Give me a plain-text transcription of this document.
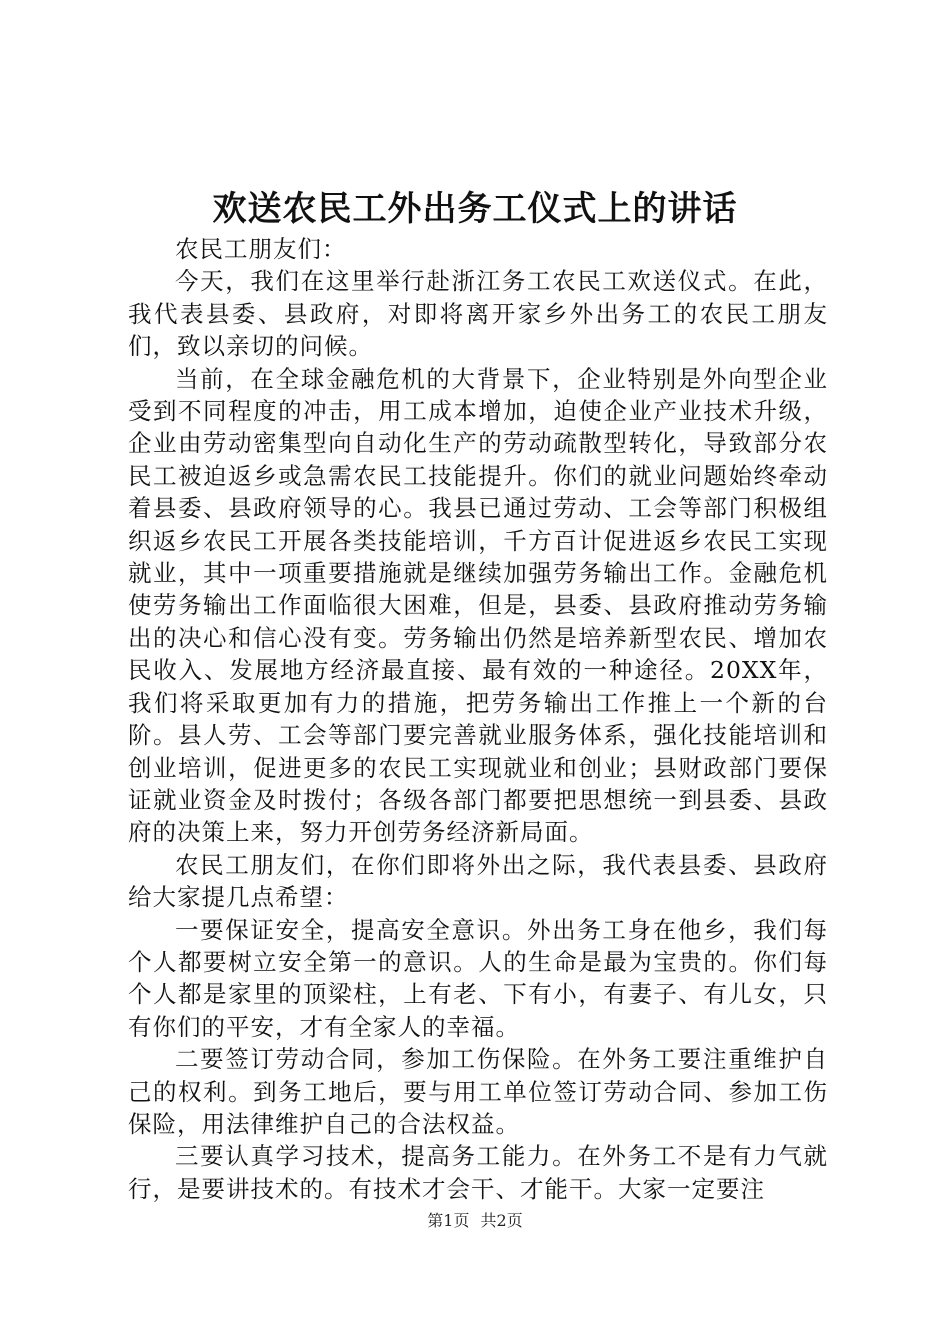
欢送农民工外出务工仪式上的讲话

农民工朋友们：

今天，我们在这里举行赴浙江务工农民工欢送仪式。在此，我代表县委、县政府，对即将离开家乡外出务工的农民工朋友们，致以亲切的问候。

当前，在全球金融危机的大背景下，企业特别是外向型企业受到不同程度的冲击，用工成本增加，迫使企业产业技术升级，企业由劳动密集型向自动化生产的劳动疏散型转化，导致部分农民工被迫返乡或急需农民工技能提升。你们的就业问题始终牵动着县委、县政府领导的心。我县已通过劳动、工会等部门积极组织返乡农民工开展各类技能培训，千方百计促进返乡农民工实现就业，其中一项重要措施就是继续加强劳务输出工作。金融危机使劳务输出工作面临很大困难，但是，县委、县政府推动劳务输出的决心和信心没有变。劳务输出仍然是培养新型农民、增加农民收入、发展地方经济最直接、最有效的一种途径。20XX年，我们将采取更加有力的措施，把劳务输出工作推上一个新的台阶。县人劳、工会等部门要完善就业服务体系，强化技能培训和创业培训，促进更多的农民工实现就业和创业；县财政部门要保证就业资金及时拨付；各级各部门都要把思想统一到县委、县政府的决策上来，努力开创劳务经济新局面。

农民工朋友们，在你们即将外出之际，我代表县委、县政府给大家提几点希望：

一要保证安全，提高安全意识。外出务工身在他乡，我们每个人都要树立安全第一的意识。人的生命是最为宝贵的。你们每个人都是家里的顶梁柱，上有老、下有小，有妻子、有儿女，只有你们的平安，才有全家人的幸福。

二要签订劳动合同，参加工伤保险。在外务工要注重维护自己的权利。到务工地后，要与用工单位签订劳动合同、参加工伤保险，用法律维护自己的合法权益。

三要认真学习技术，提高务工能力。在外务工不是有力气就行，是要讲技术的。有技术才会干、才能干。大家一定要注

第1页 共2页
